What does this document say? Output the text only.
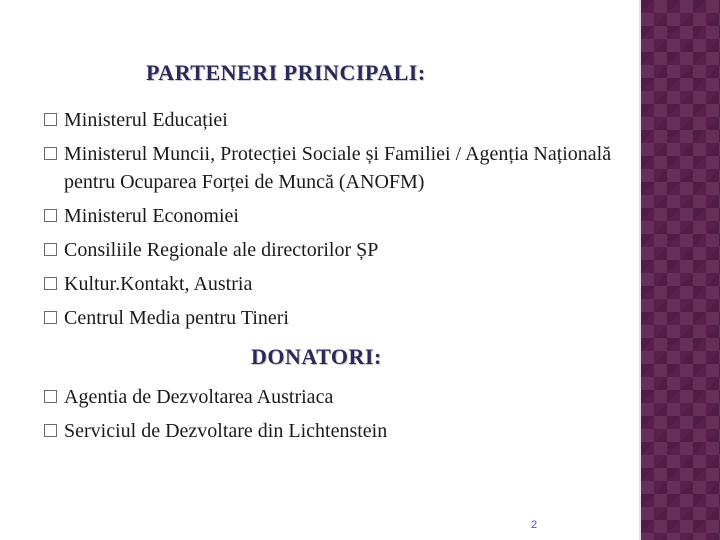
PARTENERI PRINCIPALI:
Ministerul Educației
Ministerul Muncii, Protecției Sociale și Familiei / Agenția Națională pentru Ocuparea Forței de Muncă (ANOFM)
Ministerul Economiei
Consiliile Regionale ale directorilor ȘP
Kultur.Kontakt, Austria
Centrul Media pentru Tineri
DONATORI:
Agentia de Dezvoltarea Austriaca
Serviciul de Dezvoltare din Lichtenstein
2
